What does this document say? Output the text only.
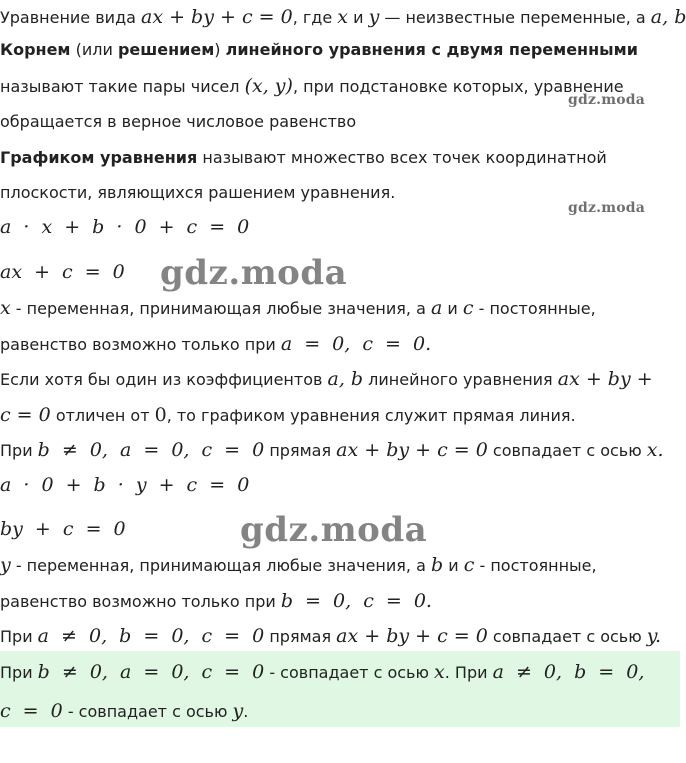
Уравнение вида ax + by + c = 0, где x и y — неизвестные переменные, а a, b
Корнем (или решением) линейного уравнения с двумя переменными
называют такие пары чисел (x, y), при подстановке которых, уравнение
gdz.moda
обращается в верное числовое равенство
Графиком уравнения называют множество всех точек координатной
плоскости, являющихся рашением уравнения.
gdz.moda
a · x + b · 0 + c = 0
ax + c = 0 gdz.moda
x - переменная, принимающая любые значения, а a и c - постоянные,
равенство возможно только при a = 0, c = 0.
Если хотя бы один из коэффициентов a, b линейного уравнения ax + by +
c = 0 отличен от 0, то графиком уравнения служит прямая линия.
При b ≠ 0, a = 0, c = 0 прямая ax + by + c = 0 совпадает с осью x.
a · 0 + b · y + c = 0
by + c = 0	gdz.moda
y - переменная, принимающая любые значения, а b и c - постоянные,
равенство возможно только при b = 0, c = 0.
При a ≠ 0, b = 0, c = 0 прямая ax + by + c = 0 совпадает с осью y.
При b ≠ 0, a = 0, c = 0 - совпадает с осью x. При a ≠ 0, b = 0,
c = 0 - совпадает с осью y.
